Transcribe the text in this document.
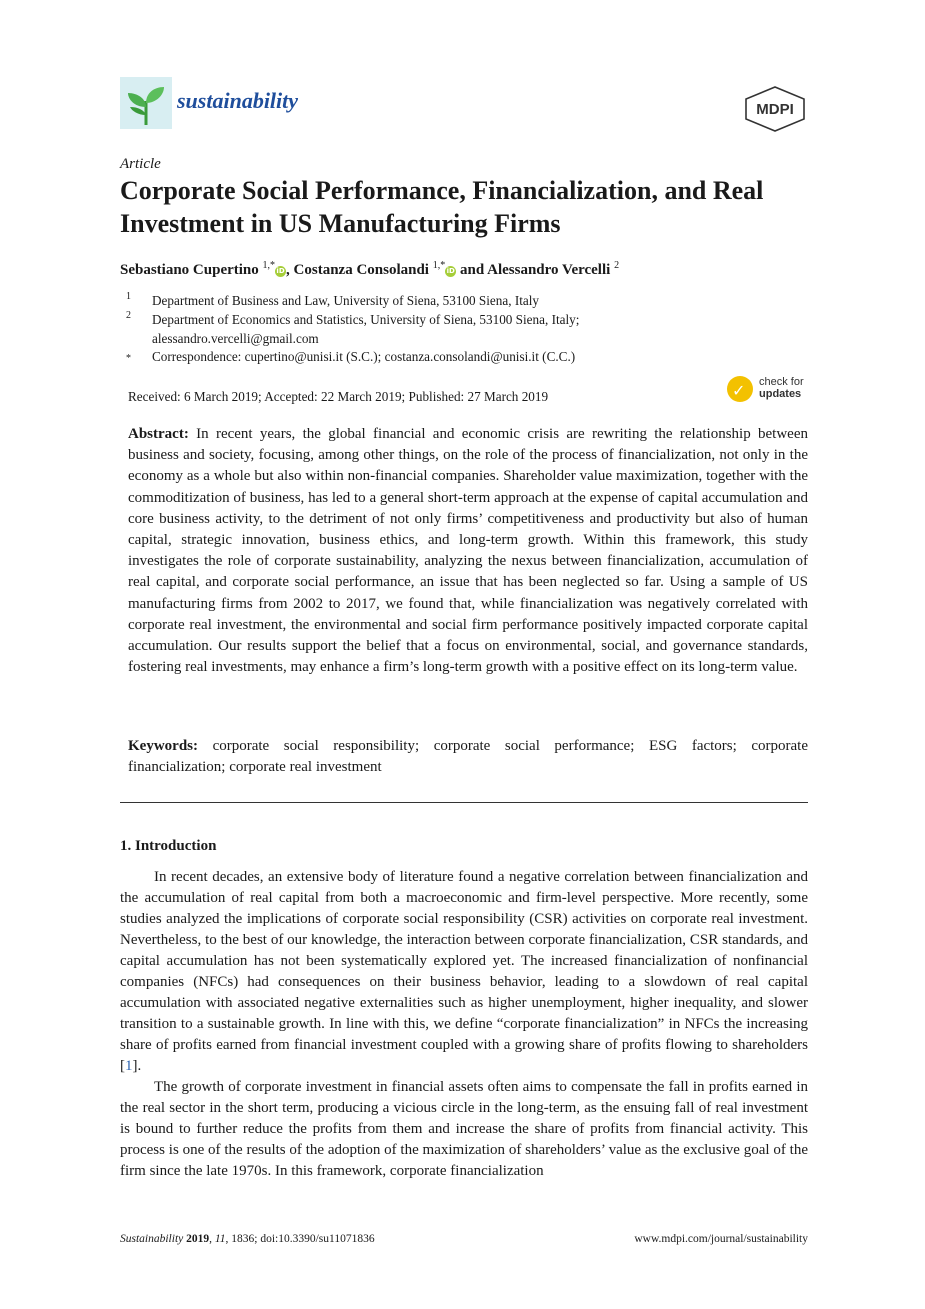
sustainability	MDPI
Article
Corporate Social Performance, Financialization, and Real Investment in US Manufacturing Firms
Sebastiano Cupertino $^{1,*}$iD, Costanza Consolandi $^{1,*}$iD and Alessandro Vercelli $^2$
1 Department of Business and Law, University of Siena, 53100 Siena, Italy
2 Department of Economics and Statistics, University of Siena, 53100 Siena, Italy;
alessandro.vercelli@gmail.com
* Correspondence: cupertino@unisi.it (S.C.); costanza.consolandi@unisi.it (C.C.)
Received: 6 March 2019; Accepted: 22 March 2019; Published: 27 March 2019	✓ check for
updates
Abstract: In recent years, the global financial and economic crisis are rewriting the relationship between business and society, focusing, among other things, on the role of the process of financialization, not only in the economy as a whole but also within non-financial companies. Shareholder value maximization, together with the commoditization of business, has led to a general short-term approach at the expense of capital accumulation and core business activity, to the detriment of not only firms’ competitiveness and productivity but also of human capital, strategic innovation, business ethics, and long-term growth. Within this framework, this study investigates the role of corporate sustainability, analyzing the nexus between financialization, accumulation of real capital, and corporate social performance, an issue that has been neglected so far. Using a sample of US manufacturing firms from 2002 to 2017, we found that, while financialization was negatively correlated with corporate real investment, the environmental and social firm performance positively impacted corporate capital accumulation. Our results support the belief that a focus on environmental, social, and governance standards, fostering real investments, may enhance a firm’s long-term growth with a positive effect on its long-term value.
Keywords: corporate social responsibility; corporate social performance; ESG factors; corporate financialization; corporate real investment
1. Introduction

In recent decades, an extensive body of literature found a negative correlation between financialization and the accumulation of real capital from both a macroeconomic and firm-level perspective. More recently, some studies analyzed the implications of corporate social responsibility (CSR) activities on corporate real investment. Nevertheless, to the best of our knowledge, the interaction between corporate financialization, CSR standards, and capital accumulation has not been systematically explored yet. The increased financialization of nonfinancial companies (NFCs) had consequences on their business behavior, leading to a slowdown of real capital accumulation with associated negative externalities such as higher unemployment, higher inequality, and slower transition to a sustainable growth. In line with this, we define “corporate financialization” in NFCs the increasing share of profits earned from financial investment coupled with a growing share of profits flowing to shareholders [1].

The growth of corporate investment in financial assets often aims to compensate the fall in profits earned in the real sector in the short term, producing a vicious circle in the long-term, as the ensuing fall of real investment is bound to further reduce the profits from them and increase the share of profits from financial activity. This process is one of the results of the adoption of the maximization of shareholders’ value as the exclusive goal of the firm since the late 1970s. In this framework, corporate financialization

Sustainability 2019, 11, 1836; doi:10.3390/su11071836	www.mdpi.com/journal/sustainability
